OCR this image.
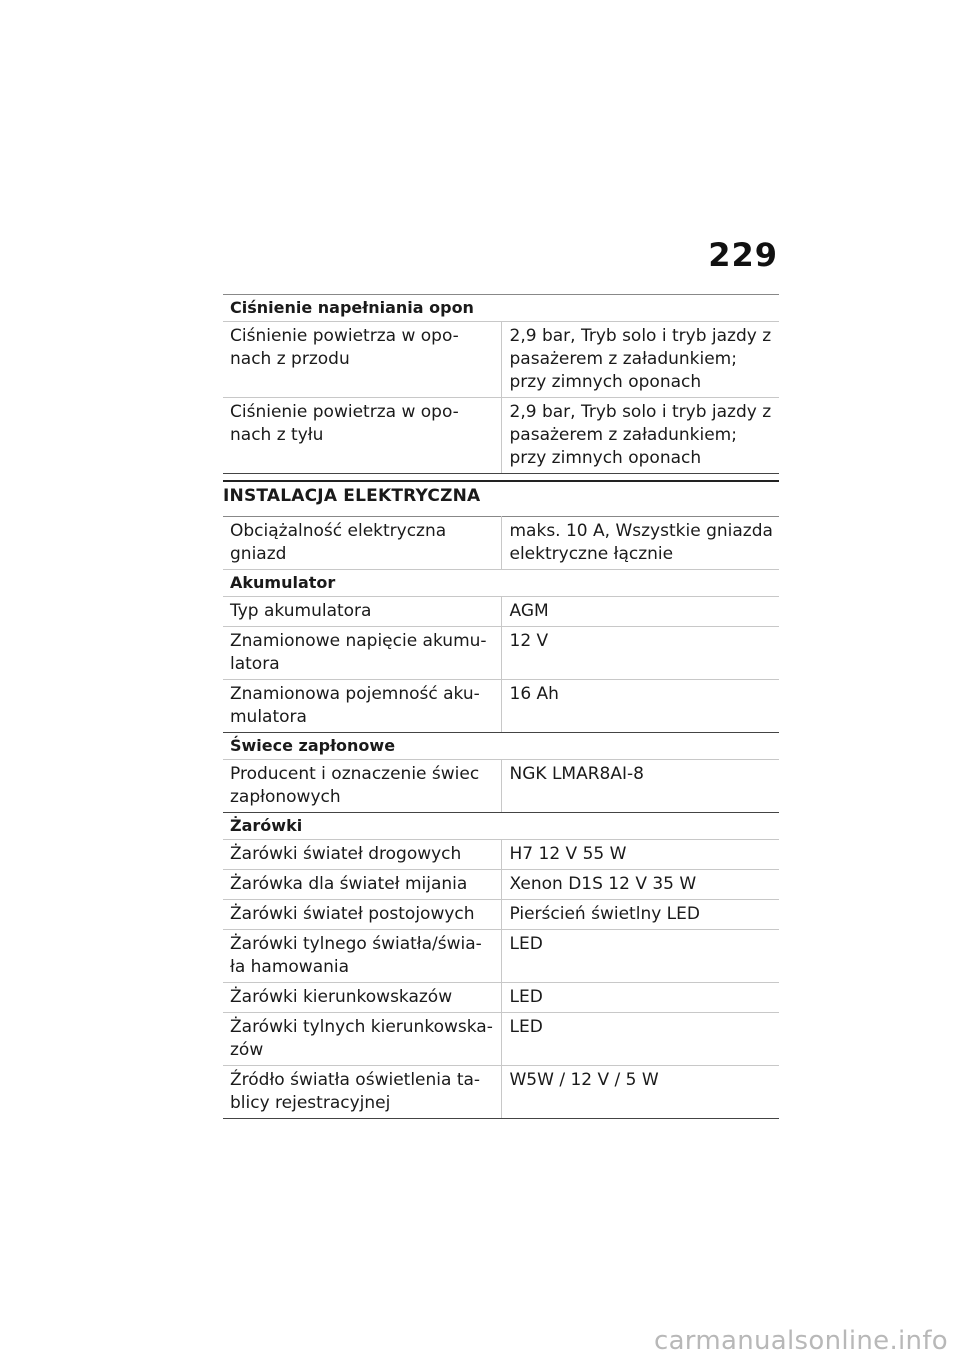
229
Ciśnienie napełniania opon	
Ciśnienie powietrza w opo-
nach z przodu	2,9 bar, Tryb solo i tryb jazdy z pasażerem z załadunkiem; przy zimnych oponach
Ciśnienie powietrza w opo-
nach z tyłu	2,9 bar, Tryb solo i tryb jazdy z pasażerem z załadunkiem; przy zimnych oponach
INSTALACJA ELEKTRYCZNA
Obciążalność elektryczna gniazd	maks. 10 A, Wszystkie gniazda elektryczne łącznie
Akumulator	
Typ akumulatora	AGM
Znamionowe napięcie akumu-
latora	12 V
Znamionowa pojemność aku-
mulatora	16 Ah
Świece zapłonowe	
Producent i oznaczenie świec zapłonowych	NGK LMAR8AI-8
Żarówki	
Żarówki świateł drogowych	H7 12 V 55 W
Żarówka dla świateł mijania	Xenon D1S 12 V 35 W
Żarówki świateł postojowych	Pierścień świetlny LED
Żarówki tylnego światła/świa-
ła hamowania	LED
Żarówki kierunkowskazów	LED
Żarówki tylnych kierunkowska-
zów	LED
Źródło światła oświetlenia ta-
blicy rejestracyjnej	W5W / 12 V / 5 W
carmanualsonline.info
